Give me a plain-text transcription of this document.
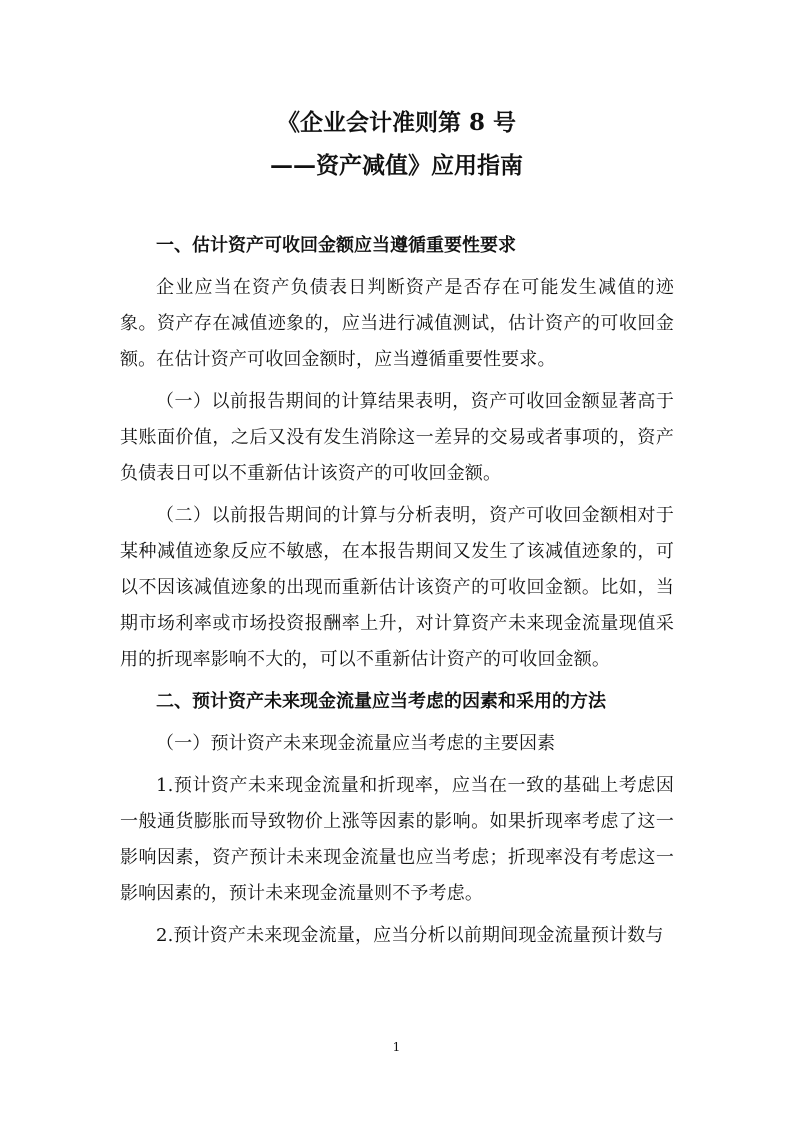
《企业会计准则第 8 号
——资产减值》应用指南
一、估计资产可收回金额应当遵循重要性要求
企业应当在资产负债表日判断资产是否存在可能发生减值的迹象。资产存在减值迹象的，应当进行减值测试，估计资产的可收回金额。在估计资产可收回金额时，应当遵循重要性要求。
（一）以前报告期间的计算结果表明，资产可收回金额显著高于其账面价值，之后又没有发生消除这一差异的交易或者事项的，资产负债表日可以不重新估计该资产的可收回金额。
（二）以前报告期间的计算与分析表明，资产可收回金额相对于某种减值迹象反应不敏感，在本报告期间又发生了该减值迹象的，可以不因该减值迹象的出现而重新估计该资产的可收回金额。比如，当期市场利率或市场投资报酬率上升，对计算资产未来现金流量现值采用的折现率影响不大的，可以不重新估计资产的可收回金额。
二、预计资产未来现金流量应当考虑的因素和采用的方法
（一）预计资产未来现金流量应当考虑的主要因素
1.预计资产未来现金流量和折现率，应当在一致的基础上考虑因一般通货膨胀而导致物价上涨等因素的影响。如果折现率考虑了这一影响因素，资产预计未来现金流量也应当考虑；折现率没有考虑这一影响因素的，预计未来现金流量则不予考虑。
2.预计资产未来现金流量，应当分析以前期间现金流量预计数与
1
